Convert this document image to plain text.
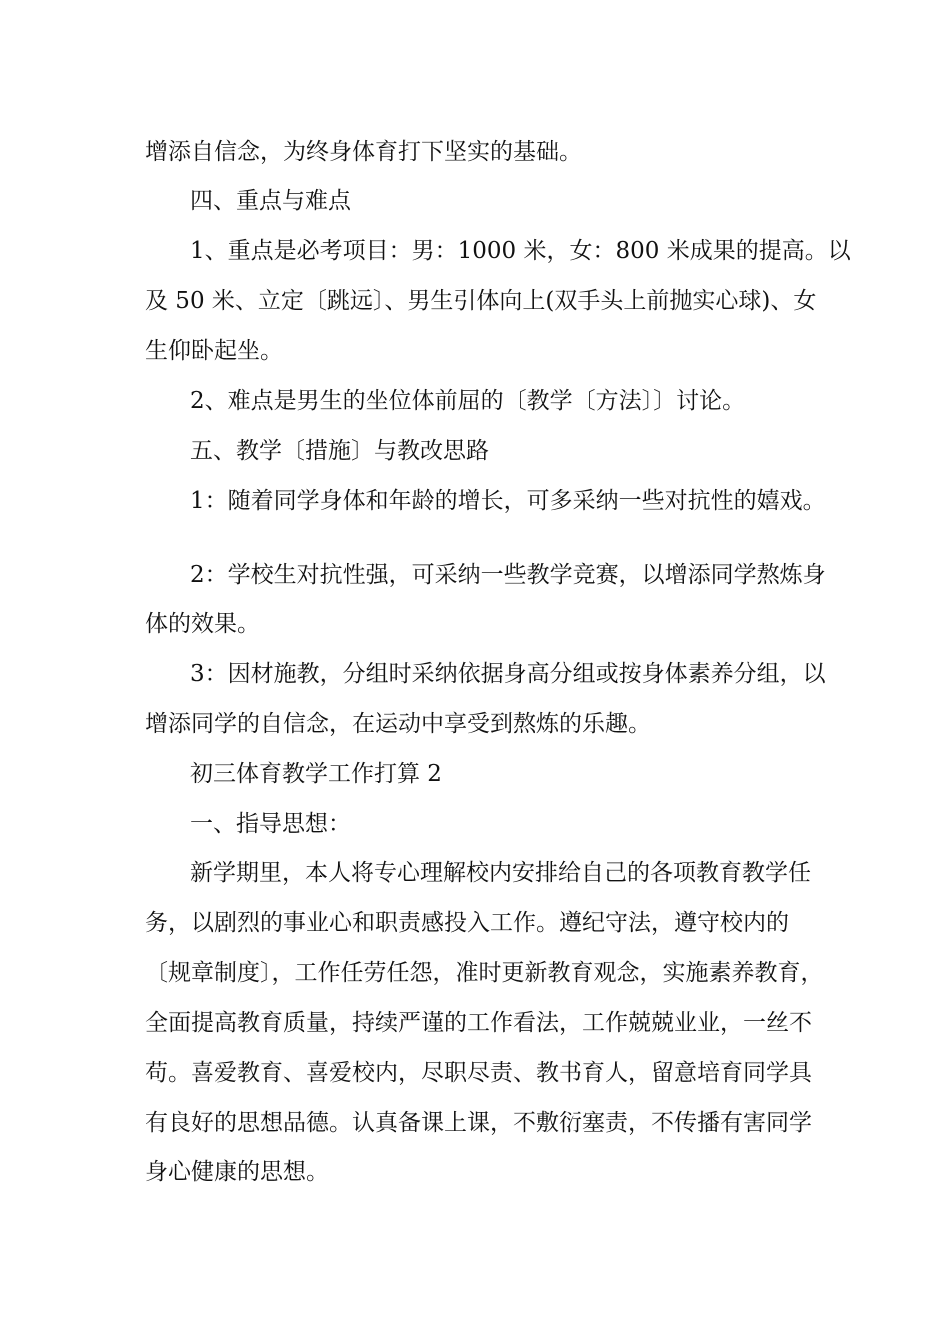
增添自信念，为终身体育打下坚实的基础。
四、重点与难点
1、重点是必考项目：男：1000 米，女：800 米成果的提高。以
及 50 米、立定〔跳远〕、男生引体向上(双手头上前抛实心球)、女
生仰卧起坐。
2、难点是男生的坐位体前屈的〔教学〔方法〕〕讨论。
五、教学〔措施〕与教改思路
1：随着同学身体和年龄的增长，可多采纳一些对抗性的嬉戏。
2：学校生对抗性强，可采纳一些教学竞赛，以增添同学熬炼身
体的效果。
3：因材施教，分组时采纳依据身高分组或按身体素养分组，以
增添同学的自信念，在运动中享受到熬炼的乐趣。
初三体育教学工作打算 2
一、指导思想：
新学期里，本人将专心理解校内安排给自己的各项教育教学任
务，以剧烈的事业心和职责感投入工作。遵纪守法，遵守校内的
〔规章制度〕，工作任劳任怨，准时更新教育观念，实施素养教育，
全面提高教育质量，持续严谨的工作看法，工作兢兢业业，一丝不
苟。喜爱教育、喜爱校内，尽职尽责、教书育人，留意培育同学具
有良好的思想品德。认真备课上课，不敷衍塞责，不传播有害同学
身心健康的思想。
